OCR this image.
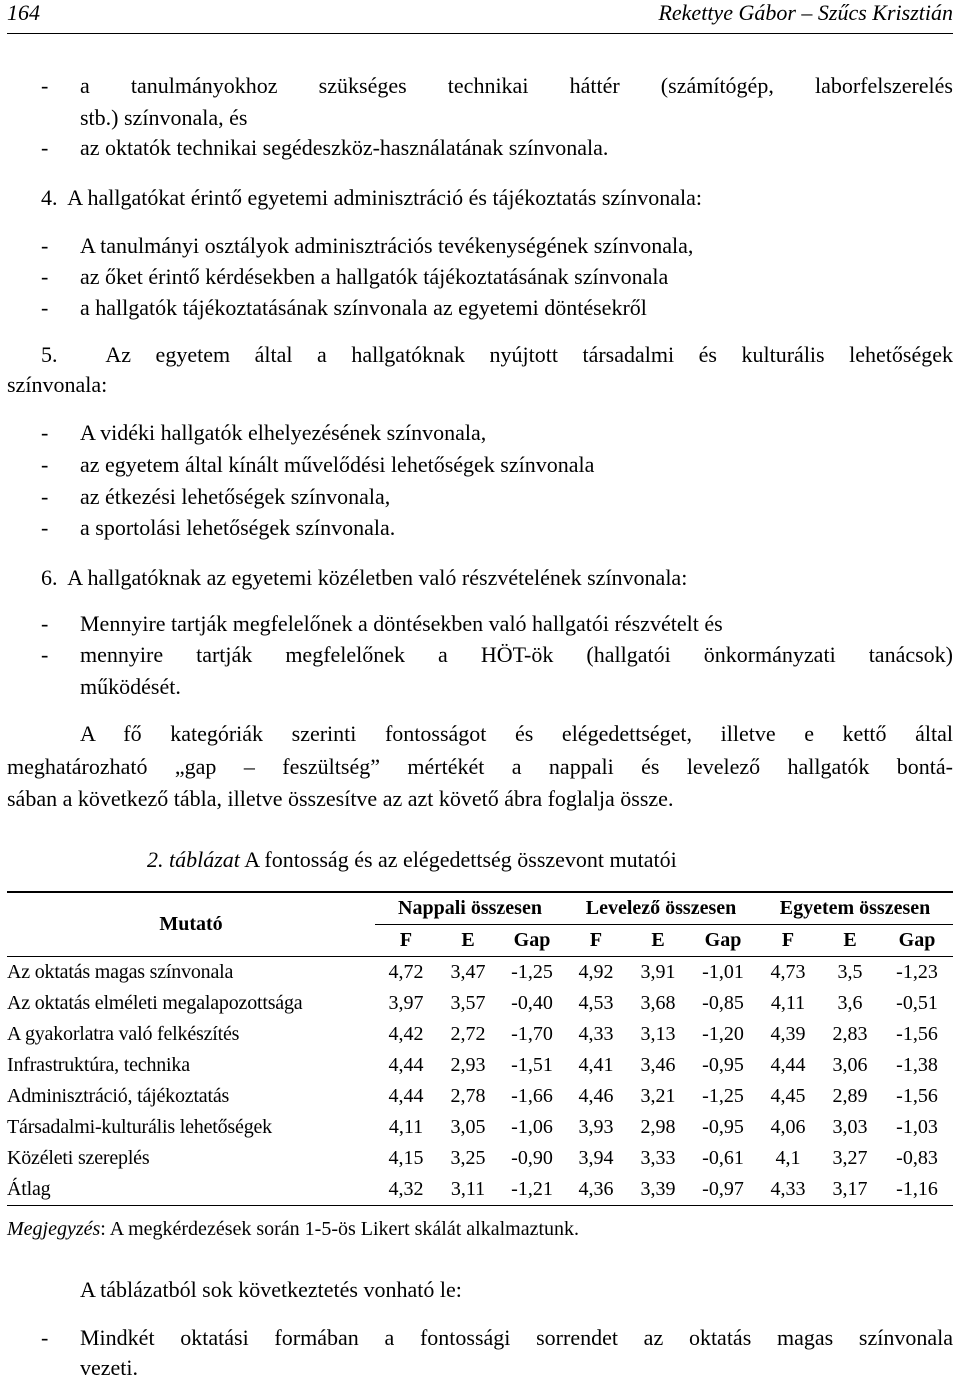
164	Rekettye Gábor – Szűcs Krisztián
- a tanulmányokhoz szükséges technikai háttér (számítógép, laborfelszerelés
stb.) színvonala, és
- az oktatók technikai segédeszköz-használatának színvonala.
4.  A hallgatókat érintő egyetemi adminisztráció és tájékoztatás színvonala:
- A tanulmányi osztályok adminisztrációs tevékenységének színvonala,
- az őket érintő kérdésekben a hallgatók tájékoztatásának színvonala
- a hallgatók tájékoztatásának színvonala az egyetemi döntésekről
5.  Az egyetem által a hallgatóknak nyújtott társadalmi és kulturális lehetőségek
színvonala:
- A vidéki hallgatók elhelyezésének színvonala,
- az egyetem által kínált művelődési lehetőségek színvonala
- az étkezési lehetőségek színvonala,
- a sportolási lehetőségek színvonala.
6.  A hallgatóknak az egyetemi közéletben való részvételének színvonala:
- Mennyire tartják megfelelőnek a döntésekben való hallgatói részvételt és
- mennyire tartják megfelelőnek a HÖT-ök (hallgatói önkormányzati tanácsok)
működését.
A fő kategóriák szerinti fontosságot és elégedettséget, illetve e kettő által
meghatározható „gap – feszültség” mértékét a nappali és levelező hallgatók bontá-
sában a következő tábla, illetve összesítve az azt követő ábra foglalja össze.
2. táblázat A fontosság és az elégedettség összevont mutatói
Mutató	Nappali összesen			Levelező összesen			Egyetem összesen		
	F	E	Gap	F	E	Gap	F	E	Gap
Az oktatás magas színvonala	4,72	3,47	-1,25	4,92	3,91	-1,01	4,73	3,5	-1,23
Az oktatás elméleti megalapozottsága	3,97	3,57	-0,40	4,53	3,68	-0,85	4,11	3,6	-0,51
A gyakorlatra való felkészítés	4,42	2,72	-1,70	4,33	3,13	-1,20	4,39	2,83	-1,56
Infrastruktúra, technika	4,44	2,93	-1,51	4,41	3,46	-0,95	4,44	3,06	-1,38
Adminisztráció, tájékoztatás	4,44	2,78	-1,66	4,46	3,21	-1,25	4,45	2,89	-1,56
Társadalmi-kulturális lehetőségek	4,11	3,05	-1,06	3,93	2,98	-0,95	4,06	3,03	-1,03
Közéleti szereplés	4,15	3,25	-0,90	3,94	3,33	-0,61	4,1	3,27	-0,83
Átlag	4,32	3,11	-1,21	4,36	3,39	-0,97	4,33	3,17	-1,16
Megjegyzés: A megkérdezések során 1-5-ös Likert skálát alkalmaztunk.
A táblázatból sok következtetés vonható le:
- Mindkét oktatási formában a fontossági sorrendet az oktatás magas színvonala
vezeti.
